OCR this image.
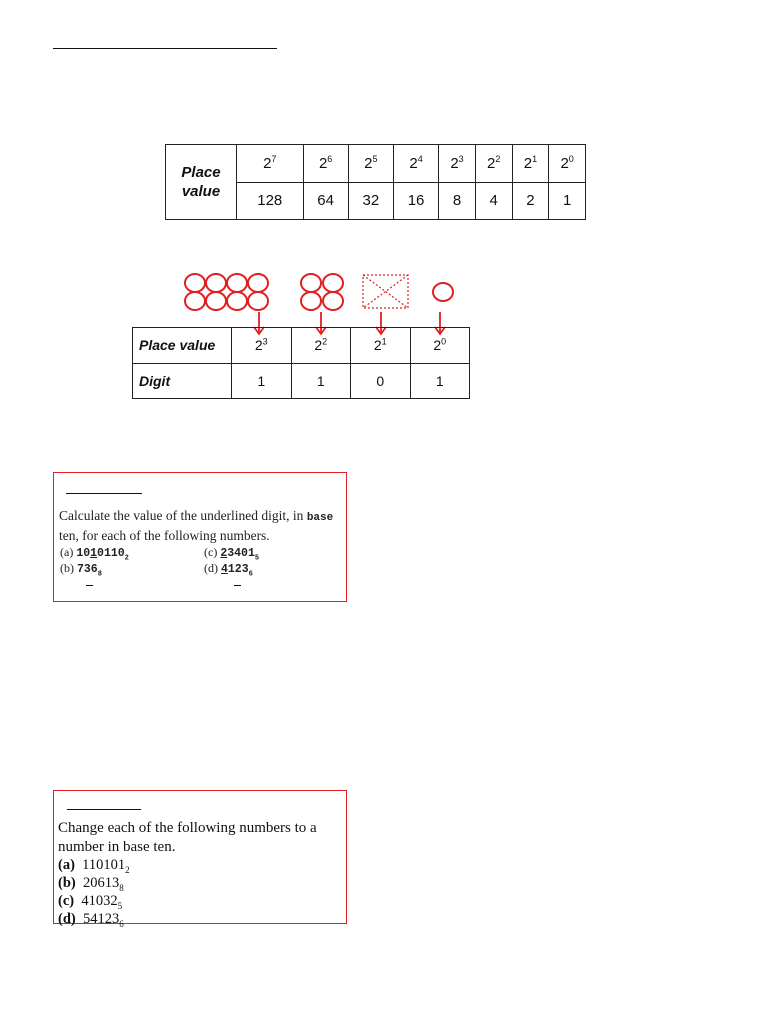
Place value	$2^7$	$2^6$	$2^5$	$2^4$	$2^3$	$2^2$	$2^1$	$2^0$
	128	64	32	16	8	4	2	1
Place value	$2^3$	$2^2$	$2^1$	$2^0$
Digit	1	1	0	1
Calculate the value of the underlined digit, in base ten, for each of the following numbers.
(a) $1010110_2$	(c) $23401_5$
(b) $736_8$	(d) $4123_6$
Change each of the following numbers to a number in base ten.
(a) $110101_2$
(b) $20613_8$
(c) $41032_5$
(d) $54123_6$
